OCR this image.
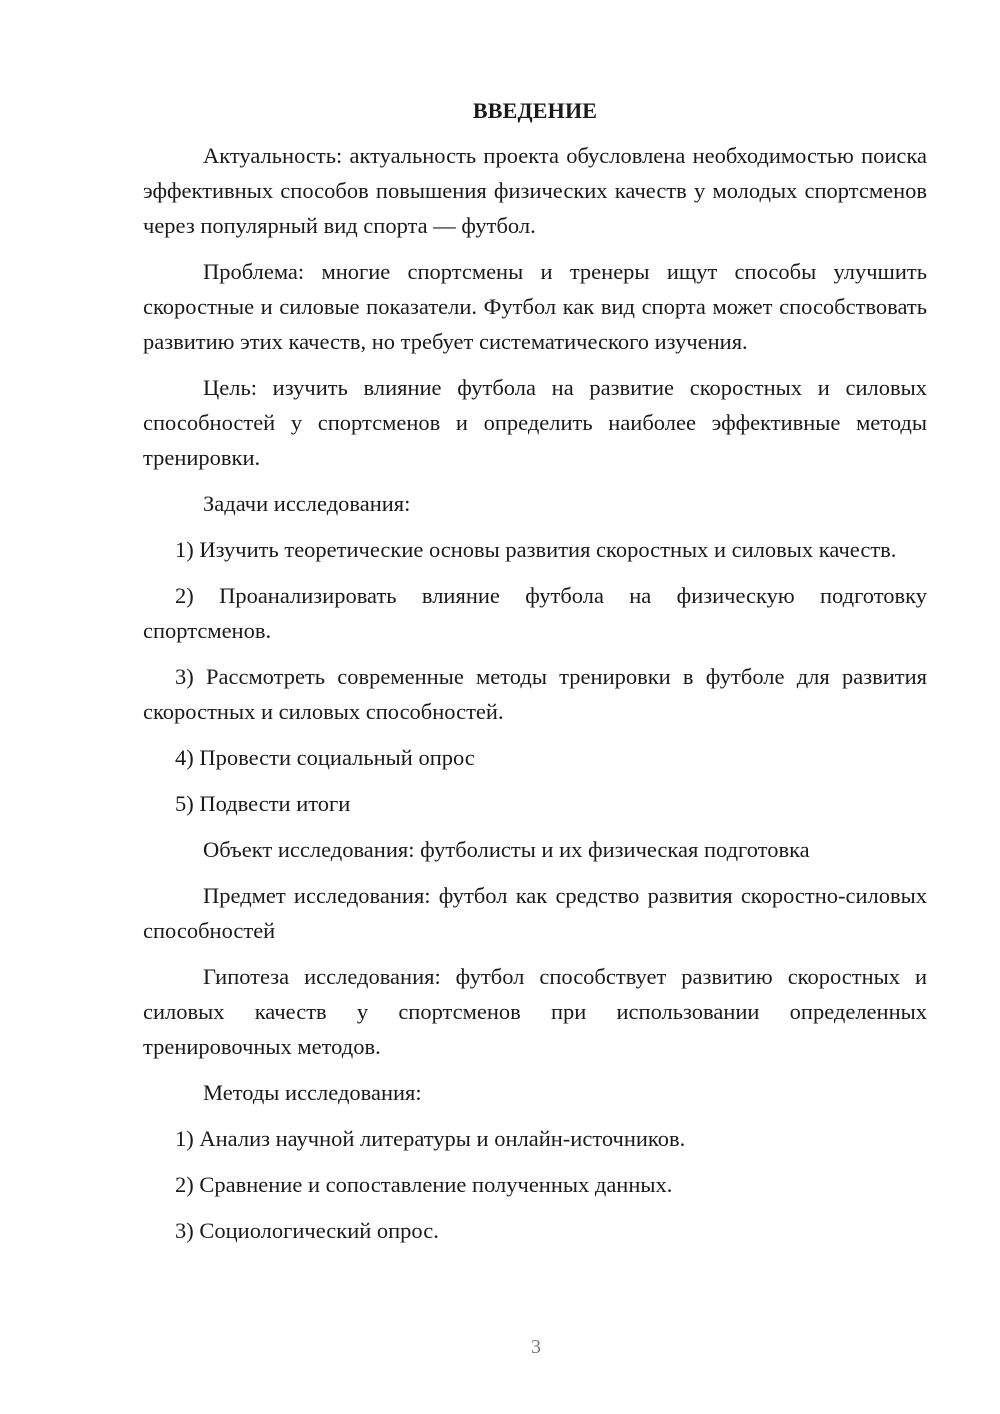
ВВЕДЕНИЕ

Актуальность: актуальность проекта обусловлена необходимостью поиска эффективных способов повышения физических качеств у молодых спортсменов через популярный вид спорта — футбол.

Проблема: многие спортсмены и тренеры ищут способы улучшить скоростные и силовые показатели. Футбол как вид спорта может способствовать развитию этих качеств, но требует систематического изучения.

Цель: изучить влияние футбола на развитие скоростных и силовых способностей у спортсменов и определить наиболее эффективные методы тренировки.

Задачи исследования:

1) Изучить теоретические основы развития скоростных и силовых качеств.

2) Проанализировать влияние футбола на физическую подготовку спортсменов.

3) Рассмотреть современные методы тренировки в футболе для развития скоростных и силовых способностей.

4) Провести социальный опрос

5) Подвести итоги

Объект исследования: футболисты и их физическая подготовка

Предмет исследования: футбол как средство развития скоростно-силовых способностей

Гипотеза исследования: футбол способствует развитию скоростных и силовых качеств у спортсменов при использовании определенных тренировочных методов.

Методы исследования:

1) Анализ научной литературы и онлайн-источников.

2) Сравнение и сопоставление полученных данных.

3) Социологический опрос.

3
